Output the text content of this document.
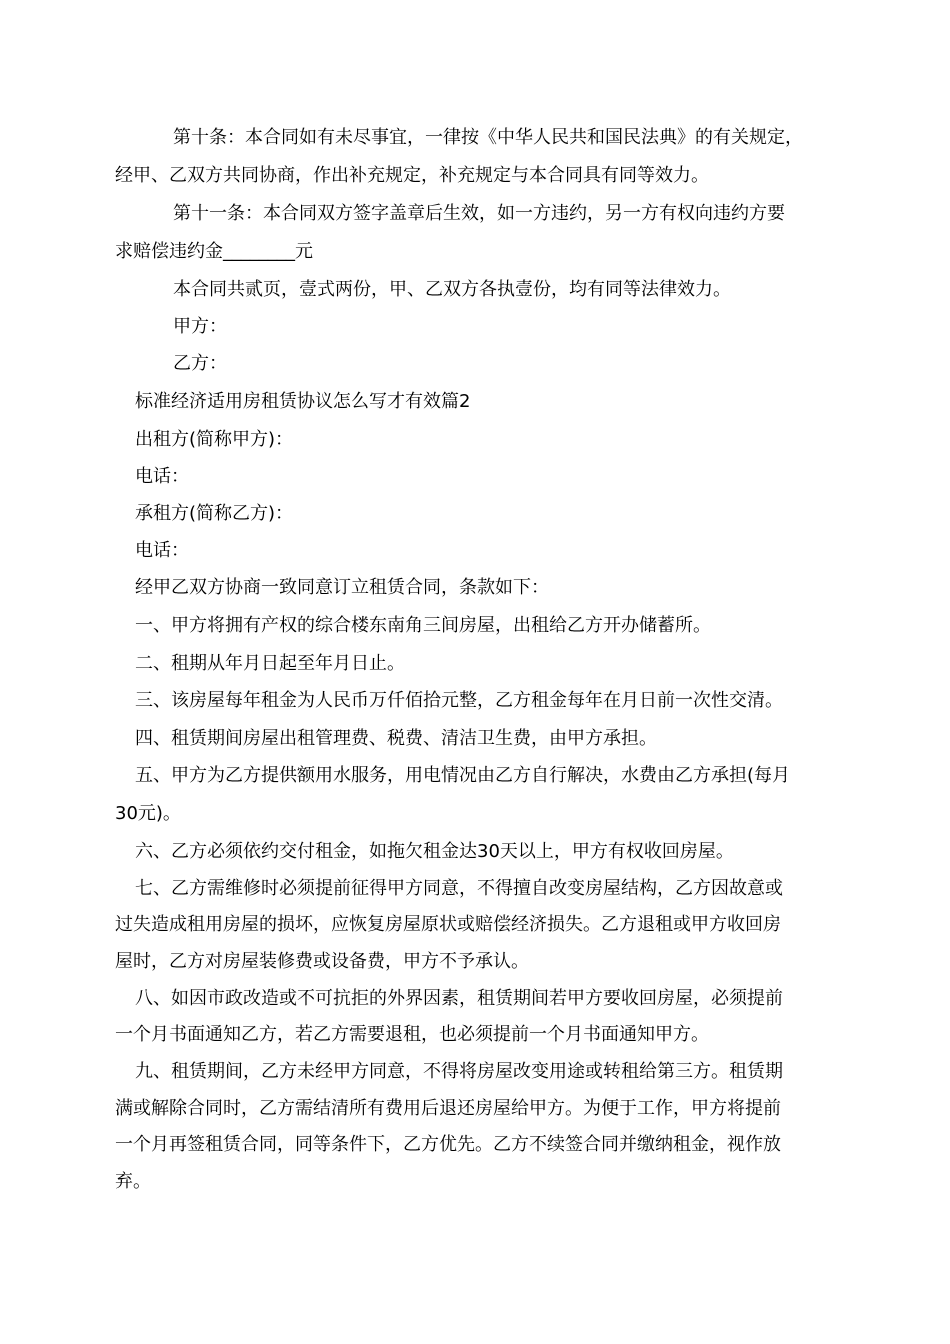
第十条：本合同如有未尽事宜，一律按《中华人民共和国民法典》的有关规定，
经甲、乙双方共同协商，作出补充规定，补充规定与本合同具有同等效力。
第十一条：本合同双方签字盖章后生效，如一方违约，另一方有权向违约方要
求赔偿违约金________元
本合同共贰页，壹式两份，甲、乙双方各执壹份，均有同等法律效力。
甲方：
乙方：
标准经济适用房租赁协议怎么写才有效篇2
出租方(简称甲方)：
电话：
承租方(简称乙方)：
电话：
经甲乙双方协商一致同意订立租赁合同，条款如下：
一、甲方将拥有产权的综合楼东南角三间房屋，出租给乙方开办储蓄所。
二、租期从年月日起至年月日止。
三、该房屋每年租金为人民币万仟佰拾元整，乙方租金每年在月日前一次性交清。
四、租赁期间房屋出租管理费、税费、清洁卫生费，由甲方承担。
五、甲方为乙方提供额用水服务，用电情况由乙方自行解决，水费由乙方承担(每月
30元)。
六、乙方必须依约交付租金，如拖欠租金达30天以上，甲方有权收回房屋。
七、乙方需维修时必须提前征得甲方同意，不得擅自改变房屋结构，乙方因故意或
过失造成租用房屋的损坏，应恢复房屋原状或赔偿经济损失。乙方退租或甲方收回房
屋时，乙方对房屋装修费或设备费，甲方不予承认。
八、如因市政改造或不可抗拒的外界因素，租赁期间若甲方要收回房屋，必须提前
一个月书面通知乙方，若乙方需要退租，也必须提前一个月书面通知甲方。
九、租赁期间，乙方未经甲方同意，不得将房屋改变用途或转租给第三方。租赁期
满或解除合同时，乙方需结清所有费用后退还房屋给甲方。为便于工作，甲方将提前
一个月再签租赁合同，同等条件下，乙方优先。乙方不续签合同并缴纳租金，视作放
弃。
